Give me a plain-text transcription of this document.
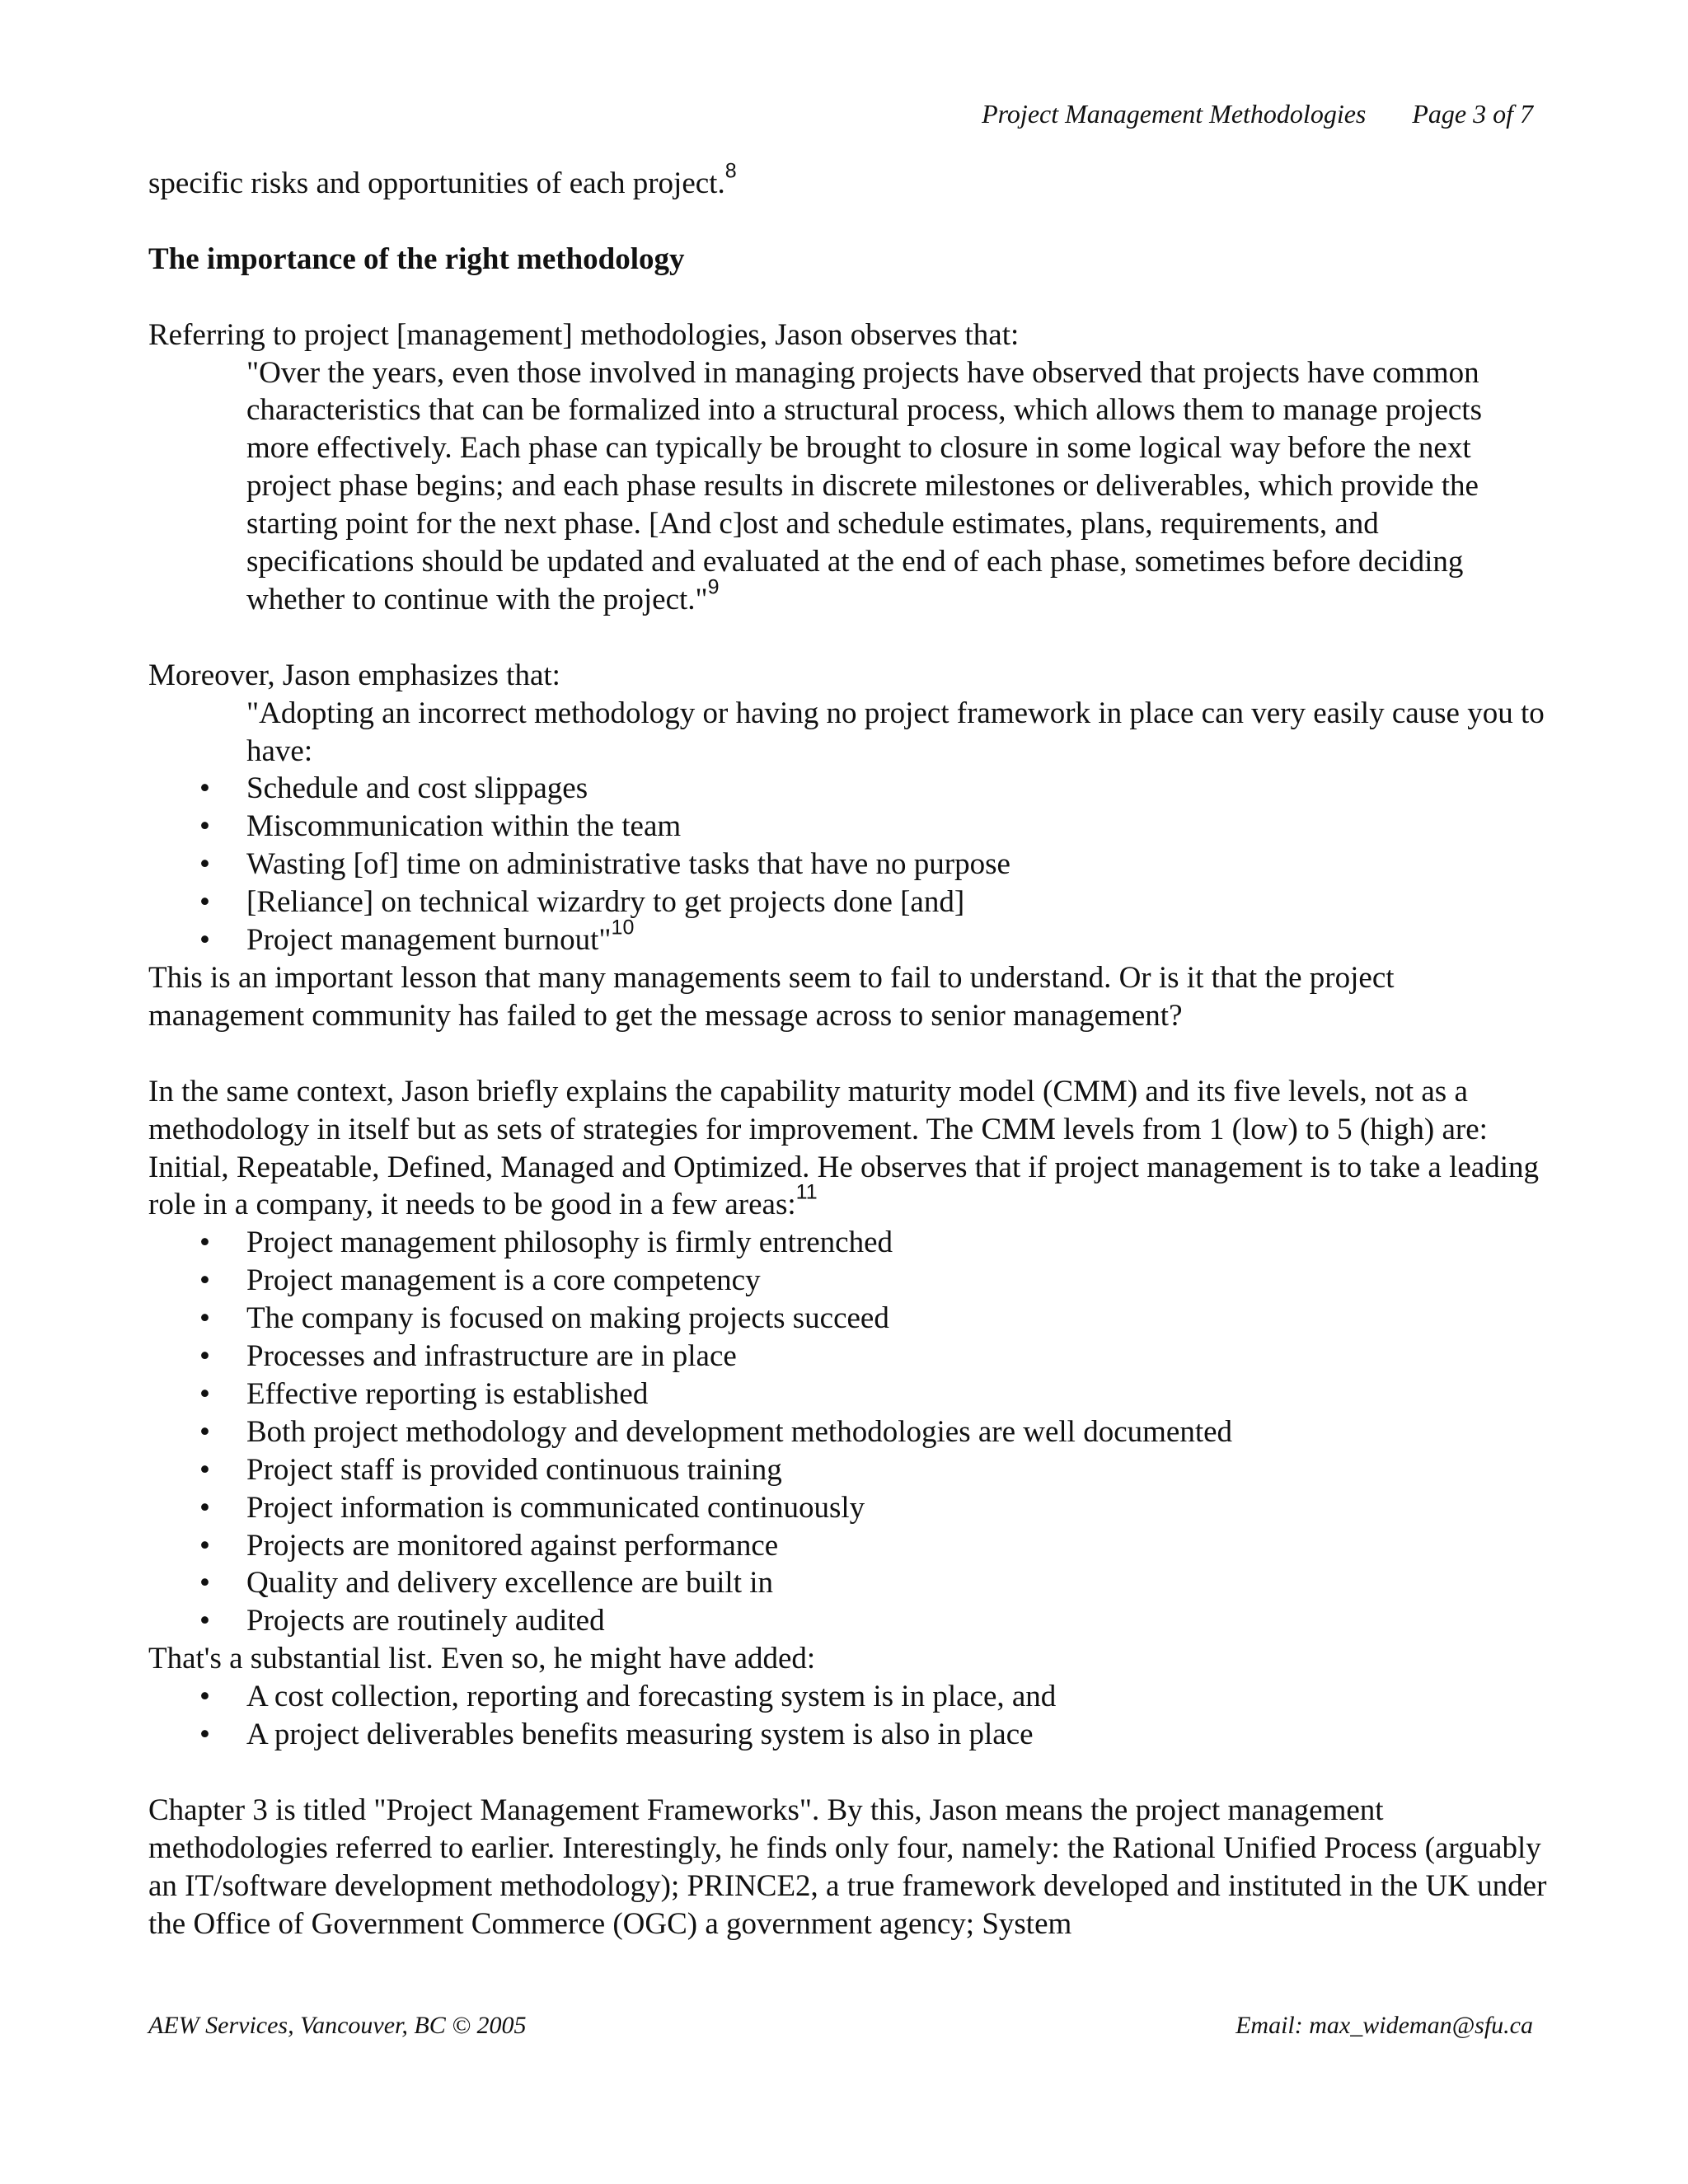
Project Management Methodologies Page 3 of 7

specific risks and opportunities of each project.$^8$

The importance of the right methodology

Referring to project [management] methodologies, Jason observes that:

"Over the years, even those involved in managing projects have observed that projects have common characteristics that can be formalized into a structural process, which allows them to manage projects more effectively. Each phase can typically be brought to closure in some logical way before the next project phase begins; and each phase results in discrete milestones or deliverables, which provide the starting point for the next phase. [And c]ost and schedule estimates, plans, requirements, and specifications should be updated and evaluated at the end of each phase, sometimes before deciding whether to continue with the project."$^9$

Moreover, Jason emphasizes that:

"Adopting an incorrect methodology or having no project framework in place can very easily cause you to have:

• Schedule and cost slippages
• Miscommunication within the team
• Wasting [of] time on administrative tasks that have no purpose
• [Reliance] on technical wizardry to get projects done [and]
• Project management burnout"$^{10}$

This is an important lesson that many managements seem to fail to understand. Or is it that the project management community has failed to get the message across to senior management?

In the same context, Jason briefly explains the capability maturity model (CMM) and its five levels, not as a methodology in itself but as sets of strategies for improvement. The CMM levels from 1 (low) to 5 (high) are: Initial, Repeatable, Defined, Managed and Optimized. He observes that if project management is to take a leading role in a company, it needs to be good in a few areas:$^{11}$

• Project management philosophy is firmly entrenched
• Project management is a core competency
• The company is focused on making projects succeed
• Processes and infrastructure are in place
• Effective reporting is established
• Both project methodology and development methodologies are well documented
• Project staff is provided continuous training
• Project information is communicated continuously
• Projects are monitored against performance
• Quality and delivery excellence are built in
• Projects are routinely audited

That's a substantial list. Even so, he might have added:

• A cost collection, reporting and forecasting system is in place, and
• A project deliverables benefits measuring system is also in place

Chapter 3 is titled "Project Management Frameworks". By this, Jason means the project management methodologies referred to earlier. Interestingly, he finds only four, namely: the Rational Unified Process (arguably an IT/software development methodology); PRINCE2, a true framework developed and instituted in the UK under the Office of Government Commerce (OGC) a government agency; System

AEW Services, Vancouver, BC © 2005	Email: max_wideman@sfu.ca
